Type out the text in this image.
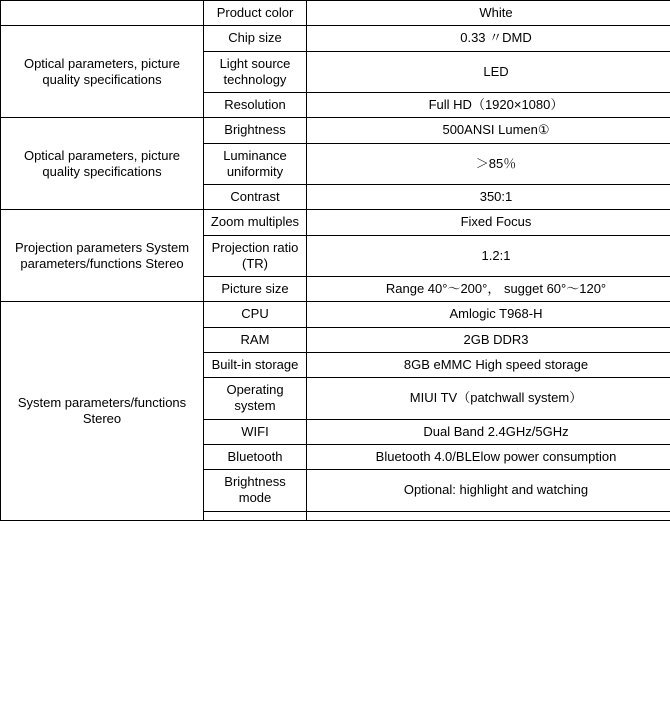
	Product color	White
Optical parameters, picture quality specifications	Chip size	0.33 〃DMD
	Light source technology	LED
	Resolution	Full HD（1920×1080）
Optical parameters, picture quality specifications	Brightness	500ANSI Lumen①
	Luminance uniformity	＞85％
	Contrast	350:1
Projection parameters System parameters/functions Stereo	Zoom multiples	Fixed Focus
	Projection ratio (TR)	1.2:1
	Picture size	Range 40°～200°， sugget 60°～120°
System parameters/functions Stereo	CPU	Amlogic T968-H
	RAM	2GB DDR3
	Built-in storage	8GB eMMC High speed storage
	Operating system	MIUI TV（patchwall system）
	WIFI	Dual Band 2.4GHz/5GHz
	Bluetooth	Bluetooth 4.0/BLElow power consumption
	Brightness mode	Optional: highlight and watching
